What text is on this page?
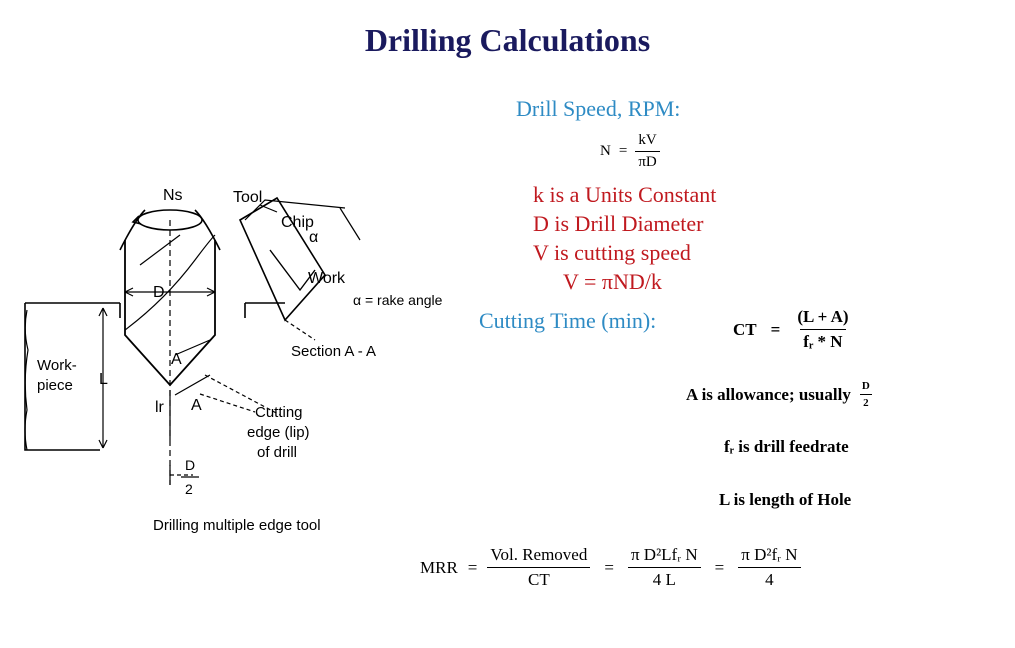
Drilling Calculations
Drill Speed, RPM:
$N = \frac{kV}{\pi D}$
k is a Units Constant
D is Drill Diameter
V is cutting speed
V = πND/k
Cutting Time (min):	CT = $\frac{(L + A)}{\text{fᵣ * N}}$
A is allowance; usually $\frac{D}{2}$
fᵣ is drill feedrate
L is length of Hole
MRR = $\frac{\text{Vol. Removed}}{CT} = \frac{\text{π D²Lfᵣ N}}{4 L} = \frac{\text{π D²fᵣ N}}{4}$
Ns	Tool
Chip
α
Work
α = rake angle
Section A - A
Work-
piece
D
L
A
A
lr	Cutting
edge (lip)
of drill
D
2
Drilling multiple edge tool
